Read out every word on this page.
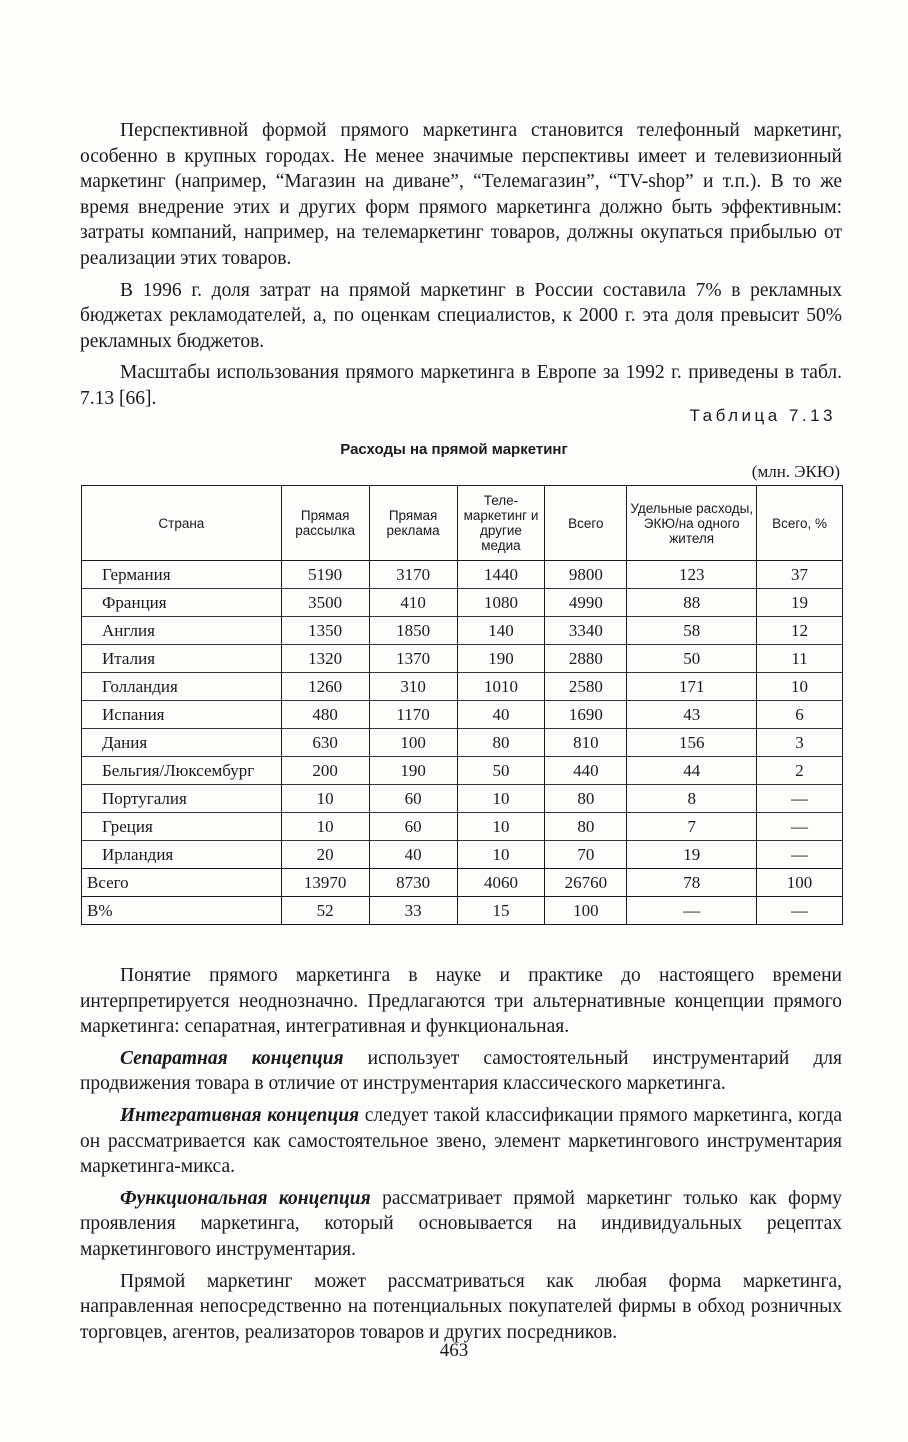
Перспективной формой прямого маркетинга становится телефонный маркетинг, особенно в крупных городах. Не менее значимые перспективы имеет и телевизионный маркетинг (например, “Магазин на диване”, “Телемагазин”, “TV-shop” и т.п.). В то же время внедрение этих и других форм прямого маркетинга должно быть эффективным: затраты компаний, например, на телемаркетинг товаров, должны окупаться прибылью от реализации этих товаров.

В 1996 г. доля затрат на прямой маркетинг в России составила 7% в рекламных бюджетах рекламодателей, а, по оценкам специалистов, к 2000 г. эта доля превысит 50% рекламных бюджетов.

Масштабы использования прямого маркетинга в Европе за 1992 г. приведены в табл. 7.13 [66].

Таблица 7.13
Расходы на прямой маркетинг
(млн. ЭКЮ)
Страна	Прямая рассылка	Прямая реклама	Теле-маркетинг и другие медиа	Всего	Удельные расходы, ЭКЮ/на одного жителя	Всего, %
Германия	5190	3170	1440	9800	123	37
Франция	3500	410	1080	4990	88	19
Англия	1350	1850	140	3340	58	12
Италия	1320	1370	190	2880	50	11
Голландия	1260	310	1010	2580	171	10
Испания	480	1170	40	1690	43	6
Дания	630	100	80	810	156	3
Бельгия/Люксембург	200	190	50	440	44	2
Португалия	10	60	10	80	8	—
Греция	10	60	10	80	7	—
Ирландия	20	40	10	70	19	—
Всего	13970	8730	4060	26760	78	100
В%	52	33	15	100	—	—

Понятие прямого маркетинга в науке и практике до настоящего времени интерпретируется неоднозначно. Предлагаются три альтернативные концепции прямого маркетинга: сепаратная, интегративная и функциональная.

Сепаратная концепция использует самостоятельный инструментарий для продвижения товара в отличие от инструментария классического маркетинга.

Интегративная концепция следует такой классификации прямого маркетинга, когда он рассматривается как самостоятельное звено, элемент маркетингового инструментария маркетинга-микса.

Функциональная концепция рассматривает прямой маркетинг только как форму проявления маркетинга, который основывается на индивидуальных рецептах маркетингового инструментария.

Прямой маркетинг может рассматриваться как любая форма маркетинга, направленная непосредственно на потенциальных покупателей фирмы в обход розничных торговцев, агентов, реализаторов товаров и других посредников.

463
